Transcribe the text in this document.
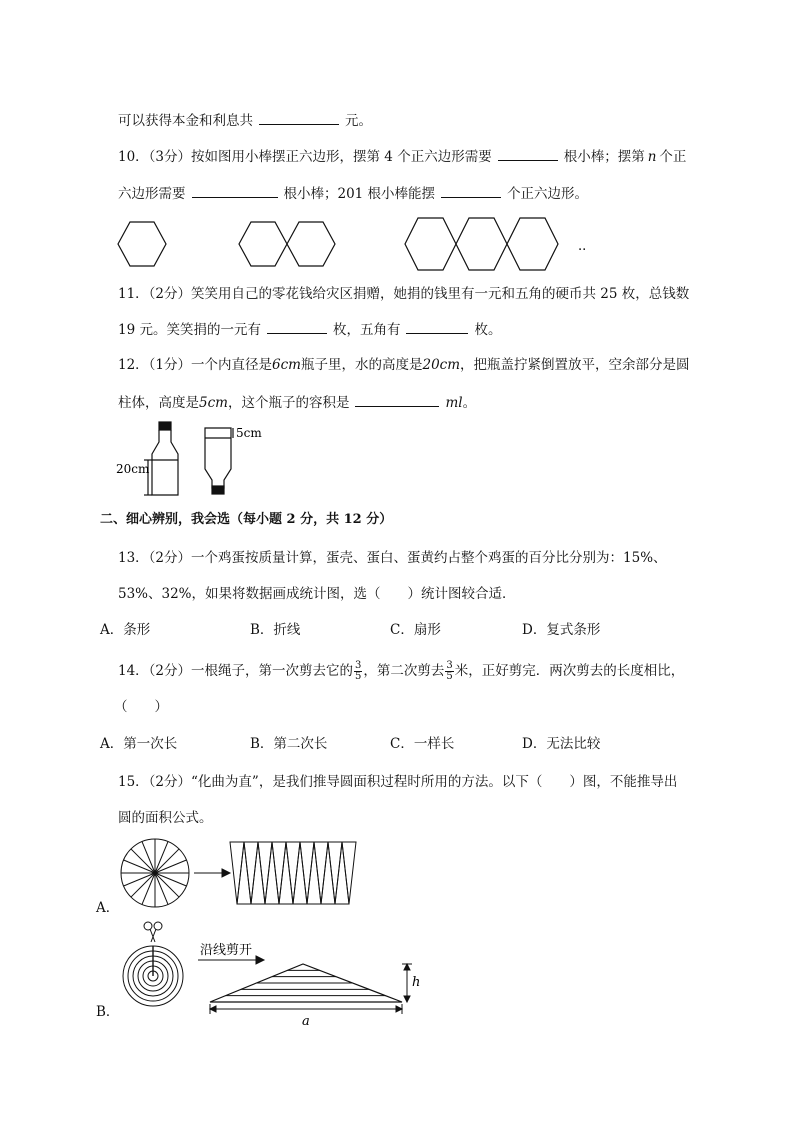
可以获得本金和利息共	元。
10．（3分）按如图用小棒摆正六边形，摆第 4 个正六边形需要	根小棒；摆第 n 个正
六边形需要	根小棒；201 根小棒能摆	个正六边形。
..
11．（2分）笑笑用自己的零花钱给灾区捐赠，她捐的钱里有一元和五角的硬币共 25 枚，总钱数
19 元。笑笑捐的一元有	枚，五角有	枚。
12．（1分）一个内直径是6cm瓶子里，水的高度是20cm，把瓶盖拧紧倒置放平，空余部分是圆
柱体，高度是5cm，这个瓶子的容积是	ml。
20cm
5cm
二、细心辨别，我会选（每小题 2 分，共 12 分）
13．（2分）一个鸡蛋按质量计算，蛋壳、蛋白、蛋黄约占整个鸡蛋的百分比分别为：15%、
53%、32%，如果将数据画成统计图，选（　　）统计图较合适．
A．条形	B．折线	C．扇形	D．复式条形
14．（2分）一根绳子，第一次剪去它的 $\frac{3}{5}$ ，第二次剪去 $\frac{3}{5}$ 米，正好剪完．两次剪去的长度相比，
（　　）
A．第一次长	B．第二次长	C．一样长	D．无法比较
15．（2分）“化曲为直”，是我们推导圆面积过程时所用的方法。以下（　　）图，不能推导出
圆的面积公式。
A．
B．
沿线剪开
h
a
